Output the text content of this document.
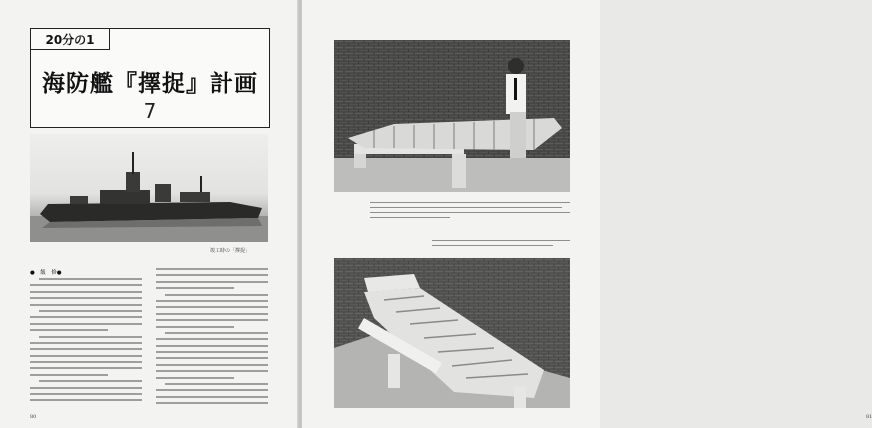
20分の1
海防艦『擇捉』計画
7
竣工時の「擇捉」
●　飯　修●
80	81
